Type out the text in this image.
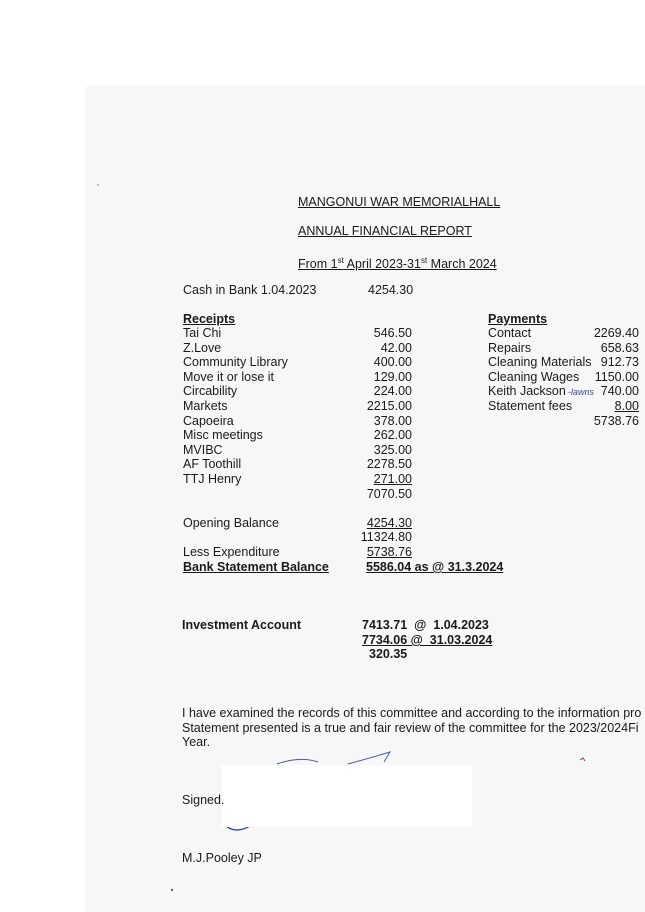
MANGONUI WAR MEMORIALHALL
ANNUAL FINANCIAL REPORT
From 1st April 2023-31st March 2024
Cash in Bank 1.04.2023	4254.30
Receipts
Tai Chi	546.50
Z.Love	42.00
Community Library	400.00
Move it or lose it	129.00
Circability	224.00
Markets	2215.00
Capoeira	378.00
Misc meetings	262.00
MVIBC	325.00
AF Toothill	2278.50
TTJ Henry	271.00
7070.50
Payments
Contact	2269.40
Repairs	658.63
Cleaning Materials 912.73
Cleaning Wages	1150.00
Keith Jackson -lawns 740.00
Statement fees	8.00
5738.76
Opening Balance	4254.30
11324.80
Less Expenditure	5738.76
Bank Statement Balance	5586.04 as @ 31.3.2024
Investment Account	7413.71  @  1.04.2023
7734.06 @  31.03.2024
320.35
I have examined the records of this committee and according to the information pro
Statement presented is a true and fair review of the committee for the 2023/2024Fi
Year.
Signed.
M.J.Pooley JP
